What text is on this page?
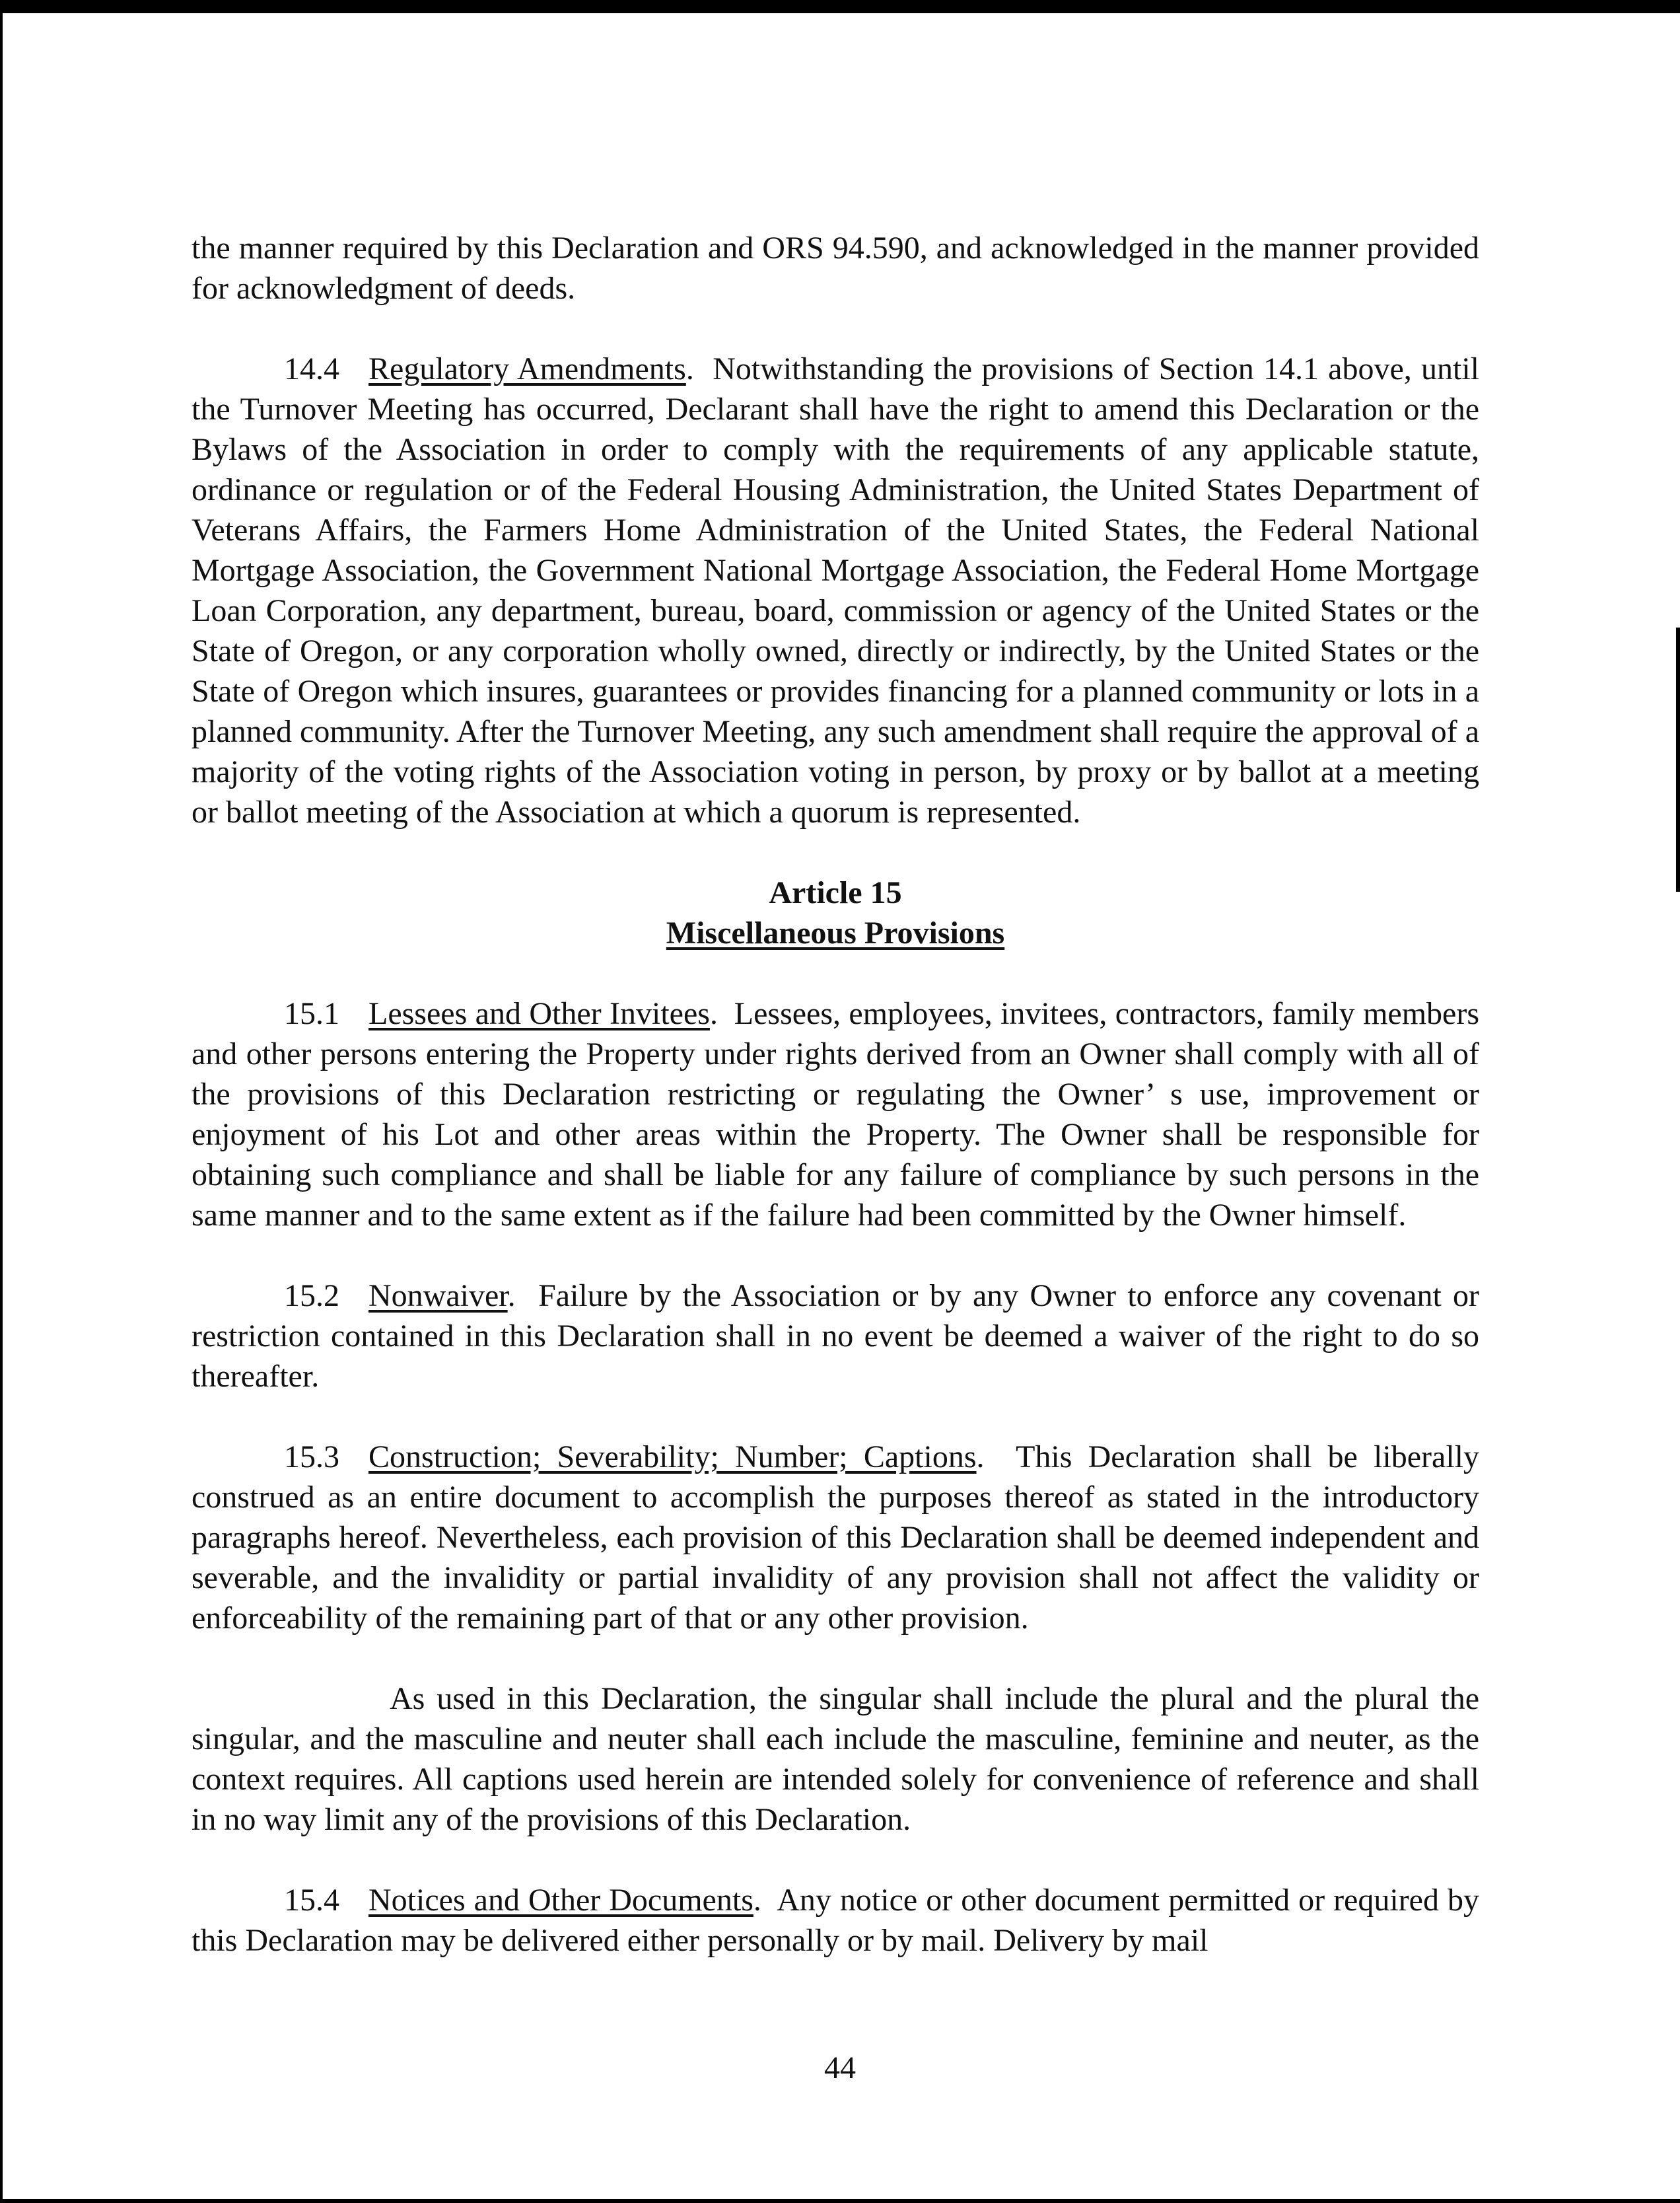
the manner required by this Declaration and ORS 94.590, and acknowledged in the manner provided for acknowledgment of deeds.

14.4 Regulatory Amendments.  Notwithstanding the provisions of Section 14.1 above, until the Turnover Meeting has occurred, Declarant shall have the right to amend this Declaration or the Bylaws of the Association in order to comply with the requirements of any applicable statute, ordinance or regulation or of the Federal Housing Administration, the United States Department of Veterans Affairs, the Farmers Home Administration of the United States, the Federal National Mortgage Association, the Government National Mortgage Association, the Federal Home Mortgage Loan Corporation, any department, bureau, board, commission or agency of the United States or the State of Oregon, or any corporation wholly owned, directly or indirectly, by the United States or the State of Oregon which insures, guarantees or provides financing for a planned community or lots in a planned community. After the Turnover Meeting, any such amendment shall require the approval of a majority of the voting rights of the Association voting in person, by proxy or by ballot at a meeting or ballot meeting of the Association at which a quorum is represented.

Article 15
Miscellaneous Provisions

15.1 Lessees and Other Invitees.  Lessees, employees, invitees, contractors, family members and other persons entering the Property under rights derived from an Owner shall comply with all of the provisions of this Declaration restricting or regulating the Owner’ s use, improvement or enjoyment of his Lot and other areas within the Property. The Owner shall be responsible for obtaining such compliance and shall be liable for any failure of compliance by such persons in the same manner and to the same extent as if the failure had been committed by the Owner himself.

15.2 Nonwaiver.  Failure by the Association or by any Owner to enforce any covenant or restriction contained in this Declaration shall in no event be deemed a waiver of the right to do so thereafter.

15.3 Construction; Severability; Number; Captions.  This Declaration shall be liberally construed as an entire document to accomplish the purposes thereof as stated in the introductory paragraphs hereof. Nevertheless, each provision of this Declaration shall be deemed independent and severable, and the invalidity or partial invalidity of any provision shall not affect the validity or enforceability of the remaining part of that or any other provision.

As used in this Declaration, the singular shall include the plural and the plural the singular, and the masculine and neuter shall each include the masculine, feminine and neuter, as the context requires. All captions used herein are intended solely for convenience of reference and shall in no way limit any of the provisions of this Declaration.

15.4 Notices and Other Documents.  Any notice or other document permitted or required by this Declaration may be delivered either personally or by mail. Delivery by mail

44
